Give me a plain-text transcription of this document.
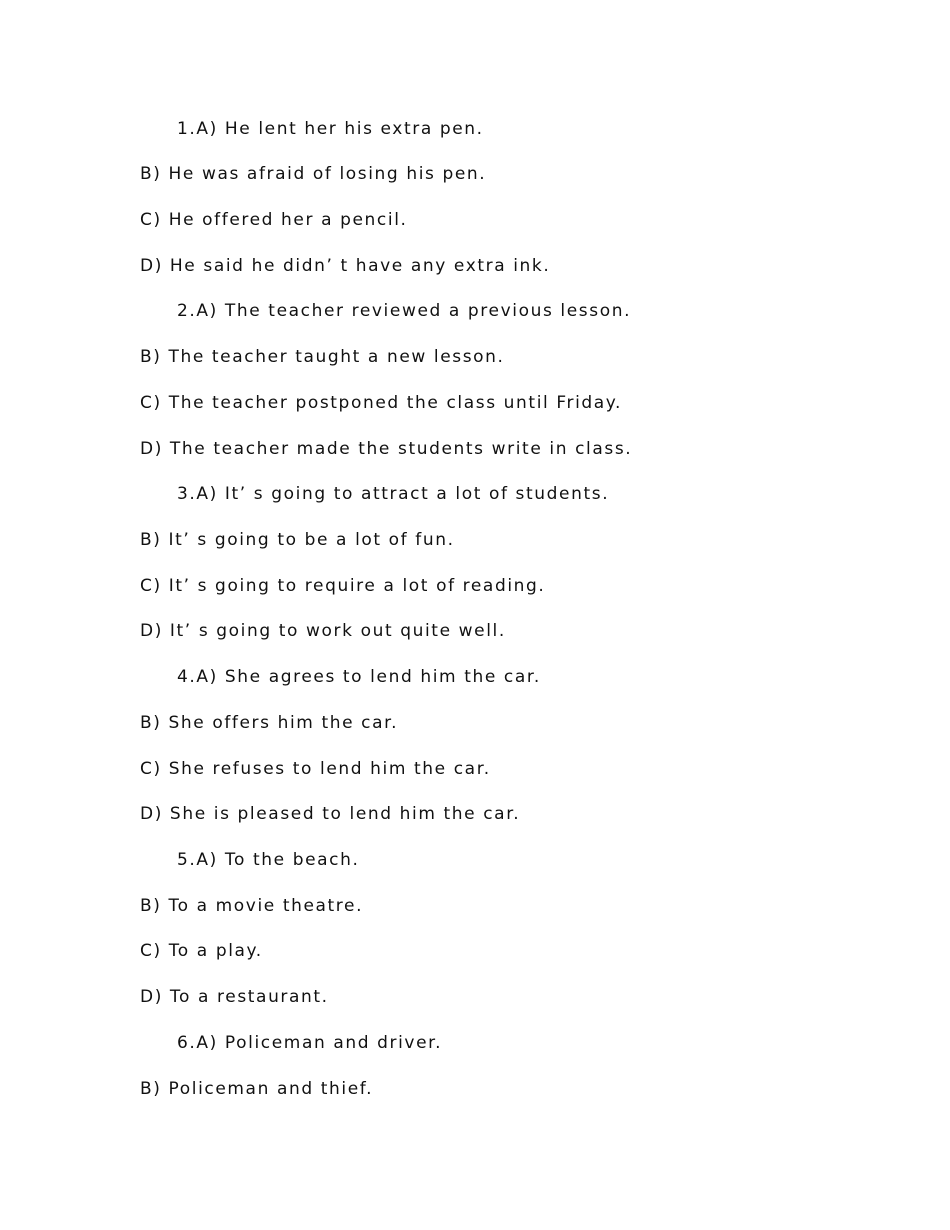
1.A) He lent her his extra pen.

B) He was afraid of losing his pen.

C) He offered her a pencil.

D) He said he didn’ t have any extra ink.

2.A) The teacher reviewed a previous lesson.

B) The teacher taught a new lesson.

C) The teacher postponed the class until Friday.

D) The teacher made the students write in class.

3.A) It’ s going to attract a lot of students.

B) It’ s going to be a lot of fun.

C) It’ s going to require a lot of reading.

D) It’ s going to work out quite well.

4.A) She agrees to lend him the car.

B) She offers him the car.

C) She refuses to lend him the car.

D) She is pleased to lend him the car.

5.A) To the beach.

B) To a movie theatre.

C) To a play.

D) To a restaurant.

6.A) Policeman and driver.

B) Policeman and thief.
